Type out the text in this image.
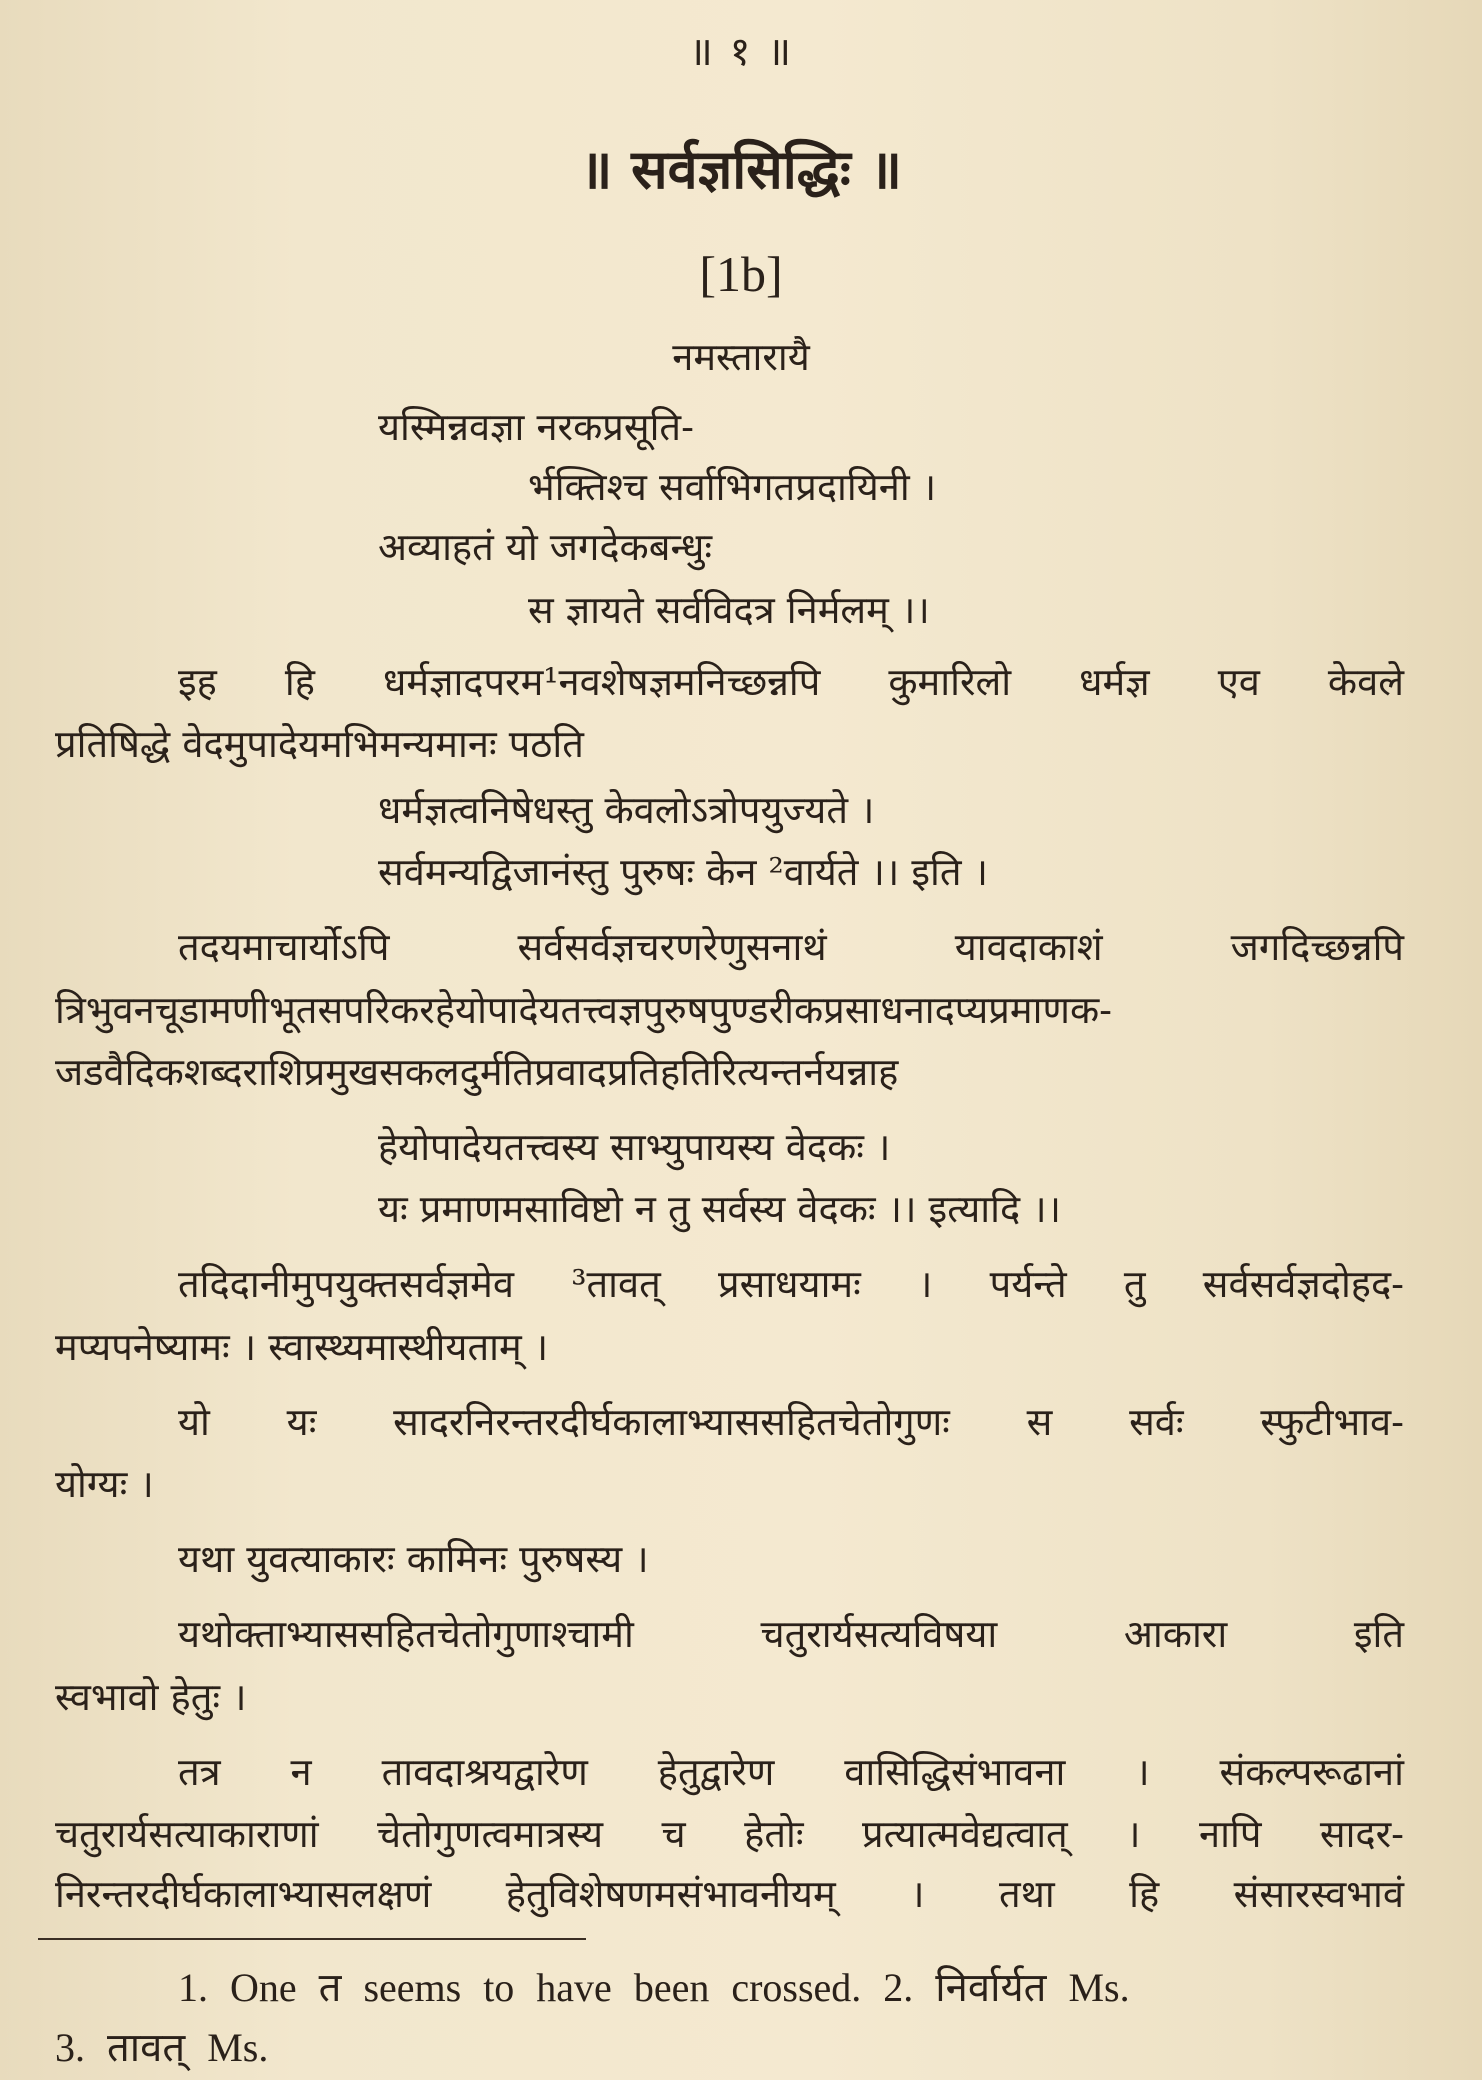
॥ १ ॥
॥ सर्वज्ञसिद्धिः ॥
[1b]
नमस्तारायै
यस्मिन्नवज्ञा नरकप्रसूति-
र्भक्तिश्च सर्वाभिगतप्रदायिनी ।
अव्याहतं यो जगदेकबन्धुः
स ज्ञायते सर्वविदत्र निर्मलम् ।।
इह हि धर्मज्ञादपरम¹नवशेषज्ञमनिच्छन्नपि कुमारिलो धर्मज्ञ एव केवले
प्रतिषिद्धे वेदमुपादेयमभिमन्यमानः पठति
धर्मज्ञत्वनिषेधस्तु केवलोऽत्रोपयुज्यते ।
सर्वमन्यद्विजानंस्तु पुरुषः केन ²वार्यते ।। इति ।
तदयमाचार्योऽपि सर्वसर्वज्ञचरणरेणुसनाथं यावदाकाशं जगदिच्छन्नपि
त्रिभुवनचूडामणीभूतसपरिकरहेयोपादेयतत्त्वज्ञपुरुषपुण्डरीकप्रसाधनादप्यप्रमाणक-
जडवैदिकशब्दराशिप्रमुखसकलदुर्मतिप्रवादप्रतिहतिरित्यन्तर्नयन्नाह
हेयोपादेयतत्त्वस्य साभ्युपायस्य वेदकः ।
यः प्रमाणमसाविष्टो न तु सर्वस्य वेदकः ।। इत्यादि ।।
तदिदानीमुपयुक्तसर्वज्ञमेव ³तावत् प्रसाधयामः । पर्यन्ते तु सर्वसर्वज्ञदोहद-
मप्यपनेष्यामः । स्वास्थ्यमास्थीयताम् ।
यो यः सादरनिरन्तरदीर्घकालाभ्याससहितचेतोगुणः स सर्वः स्फुटीभाव-
योग्यः ।
यथा युवत्याकारः कामिनः पुरुषस्य ।
यथोक्ताभ्याससहितचेतोगुणाश्चामी चतुरार्यसत्यविषया आकारा इति
स्वभावो हेतुः ।
तत्र न तावदाश्रयद्वारेण हेतुद्वारेण वासिद्धिसंभावना । संकल्परूढानां
चतुरार्यसत्याकाराणां चेतोगुणत्वमात्रस्य च हेतोः प्रत्यात्मवेद्यत्वात् । नापि सादर-
निरन्तरदीर्घकालाभ्यासलक्षणं हेतुविशेषणमसंभावनीयम् । तथा हि संसारस्वभावं
1. One त seems to have been crossed. 2. निर्वार्यत Ms.
3. तावत् Ms.
